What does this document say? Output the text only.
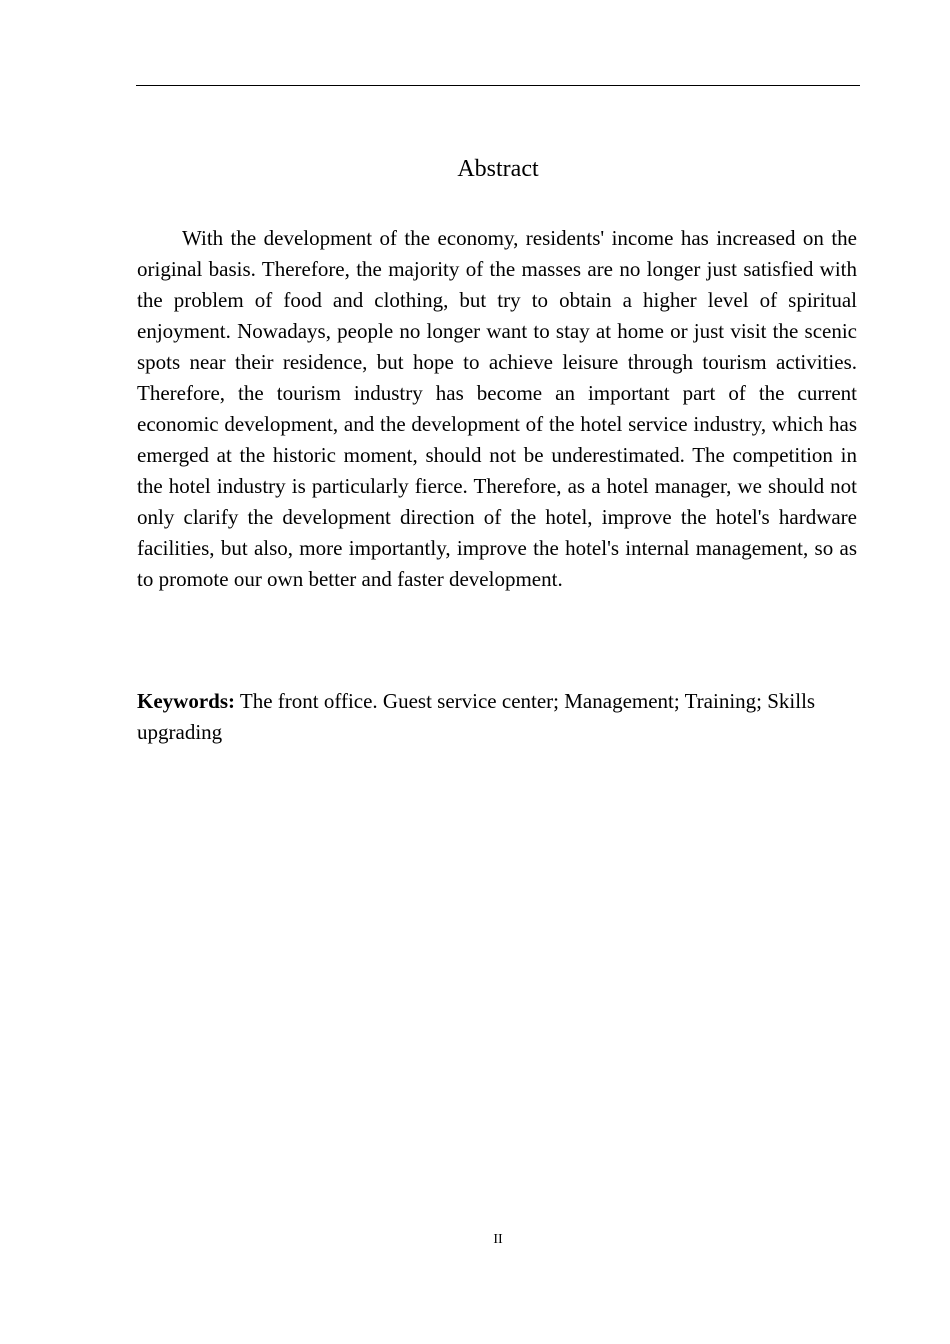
Abstract

With the development of the economy, residents' income has increased on the original basis. Therefore, the majority of the masses are no longer just satisfied with the problem of food and clothing, but try to obtain a higher level of spiritual enjoyment. Nowadays, people no longer want to stay at home or just visit the scenic spots near their residence, but hope to achieve leisure through tourism activities. Therefore, the tourism industry has become an important part of the current economic development, and the development of the hotel service industry, which has emerged at the historic moment, should not be underestimated. The competition in the hotel industry is particularly fierce. Therefore, as a hotel manager, we should not only clarify the development direction of the hotel, improve the hotel's hardware facilities, but also, more importantly, improve the hotel's internal management, so as to promote our own better and faster development.

Keywords: The front office. Guest service center; Management; Training; Skills upgrading

II
